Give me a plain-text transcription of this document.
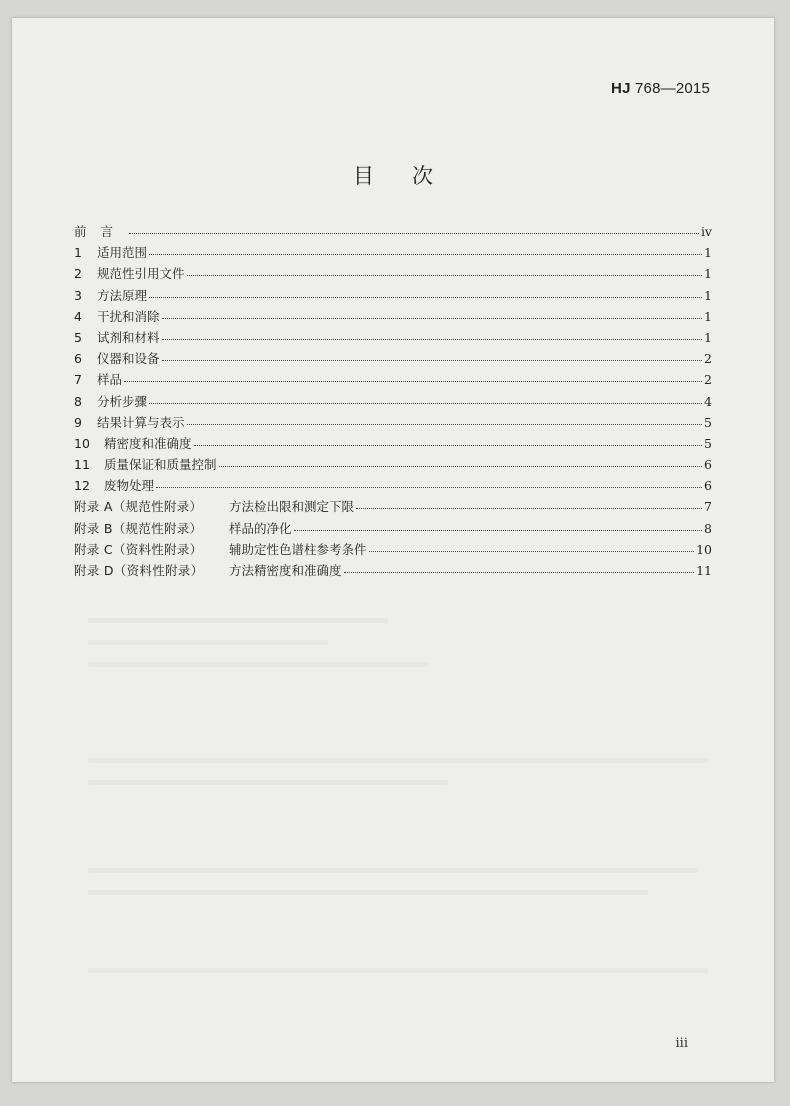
HJ 768—2015
目次
前言	iv
1	适用范围	1
2	规范性引用文件	1
3	方法原理	1
4	干扰和消除	1
5	试剂和材料	1
6	仪器和设备	2
7	样品	2
8	分析步骤	4
9	结果计算与表示	5
10	精密度和准确度	5
11	质量保证和质量控制	6
12	废物处理	6
附录 A（规范性附录）	方法检出限和测定下限	7
附录 B（规范性附录）	样品的净化	8
附录 C（资料性附录）	辅助定性色谱柱参考条件	10
附录 D（资料性附录）	方法精密度和准确度	11
iii
